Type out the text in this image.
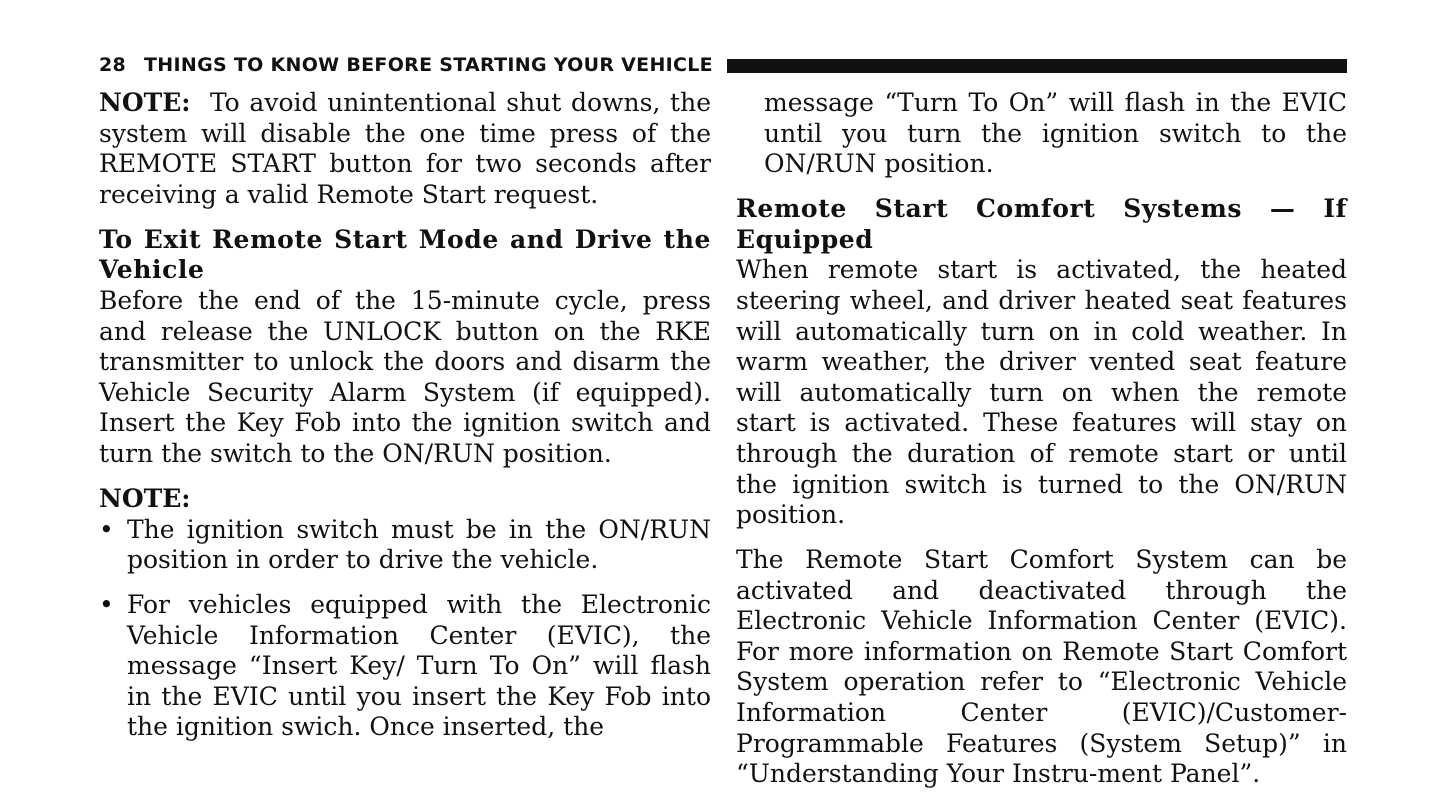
28 THINGS TO KNOW BEFORE STARTING YOUR VEHICLE

NOTE: To avoid unintentional shut downs, the system will disable the one time press of the REMOTE START button for two seconds after receiving a valid Remote Start request.

To Exit Remote Start Mode and Drive the Vehicle

Before the end of the 15-minute cycle, press and release the UNLOCK button on the RKE transmitter to unlock the doors and disarm the Vehicle Security Alarm System (if equipped). Insert the Key Fob into the ignition switch and turn the switch to the ON/RUN position.

NOTE:
• The ignition switch must be in the ON/RUN position in order to drive the vehicle.
• For vehicles equipped with the Electronic Vehicle Information Center (EVIC), the message “Insert Key/ Turn To On” will flash in the EVIC until you insert the Key Fob into the ignition swich. Once inserted, the

message “Turn To On” will flash in the EVIC until you turn the ignition switch to the ON/RUN position.

Remote Start Comfort Systems — If Equipped

When remote start is activated, the heated steering wheel, and driver heated seat features will automatically turn on in cold weather. In warm weather, the driver vented seat feature will automatically turn on when the remote start is activated. These features will stay on through the duration of remote start or until the ignition switch is turned to the ON/RUN position.

The Remote Start Comfort System can be activated and deactivated through the Electronic Vehicle Information Center (EVIC). For more information on Remote Start Comfort System operation refer to “Electronic Vehicle Information Center (EVIC)/Customer-Programmable Features (System Setup)” in “Understanding Your Instru-ment Panel”.
